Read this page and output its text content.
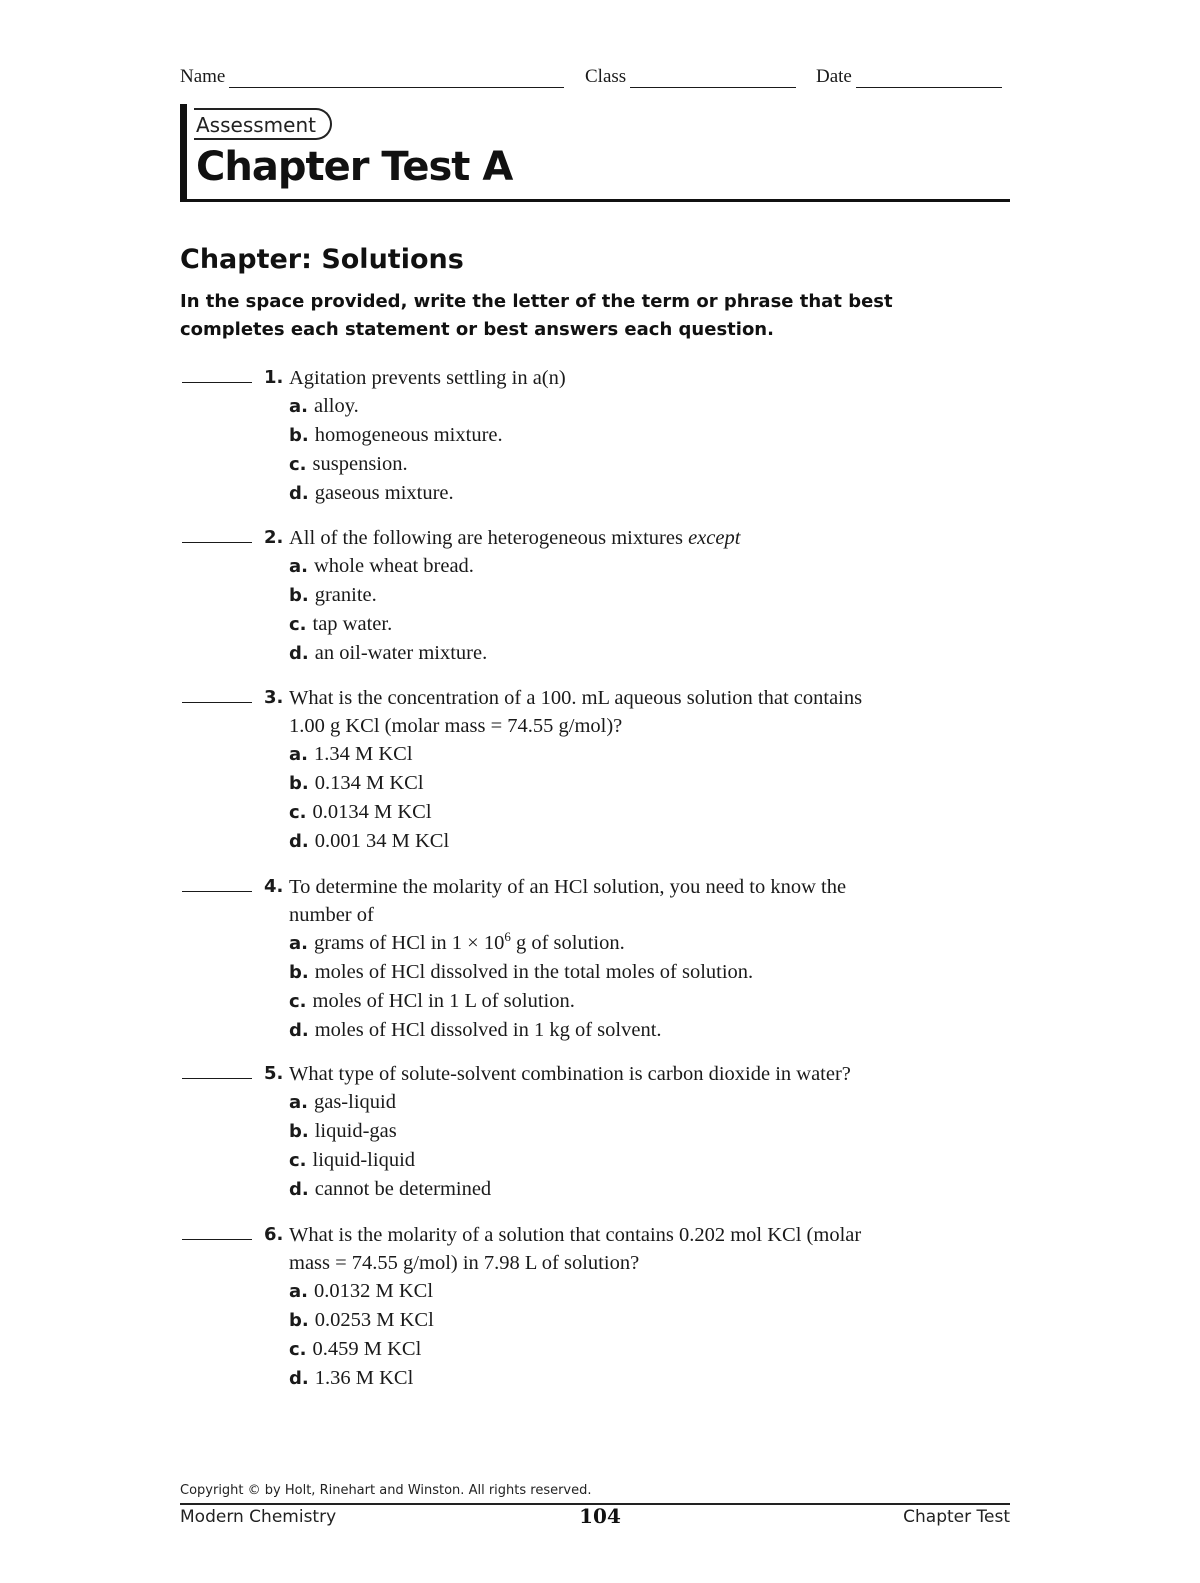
Name	Class	Date
Assessment
Chapter Test A
Chapter: Solutions
In the space provided, write the letter of the term or phrase that best completes each statement or best answers each question.
1. Agitation prevents settling in a(n)
a. alloy.
b. homogeneous mixture.
c. suspension.
d. gaseous mixture.
2. All of the following are heterogeneous mixtures except
a. whole wheat bread.
b. granite.
c. tap water.
d. an oil-water mixture.
3. What is the concentration of a 100. mL aqueous solution that contains
1.00 g KCl (molar mass = 74.55 g/mol)?
a. 1.34 M KCl
b. 0.134 M KCl
c. 0.0134 M KCl
d. 0.001 34 M KCl
4. To determine the molarity of an HCl solution, you need to know the
number of
a. grams of HCl in $1 \times 10^6$ g of solution.
b. moles of HCl dissolved in the total moles of solution.
c. moles of HCl in 1 L of solution.
d. moles of HCl dissolved in 1 kg of solvent.
5. What type of solute-solvent combination is carbon dioxide in water?
a. gas-liquid
b. liquid-gas
c. liquid-liquid
d. cannot be determined
6. What is the molarity of a solution that contains 0.202 mol KCl (molar
mass = 74.55 g/mol) in 7.98 L of solution?
a. 0.0132 M KCl
b. 0.0253 M KCl
c. 0.459 M KCl
d. 1.36 M KCl
Copyright © by Holt, Rinehart and Winston. All rights reserved.
Modern Chemistry	104	Chapter Test
